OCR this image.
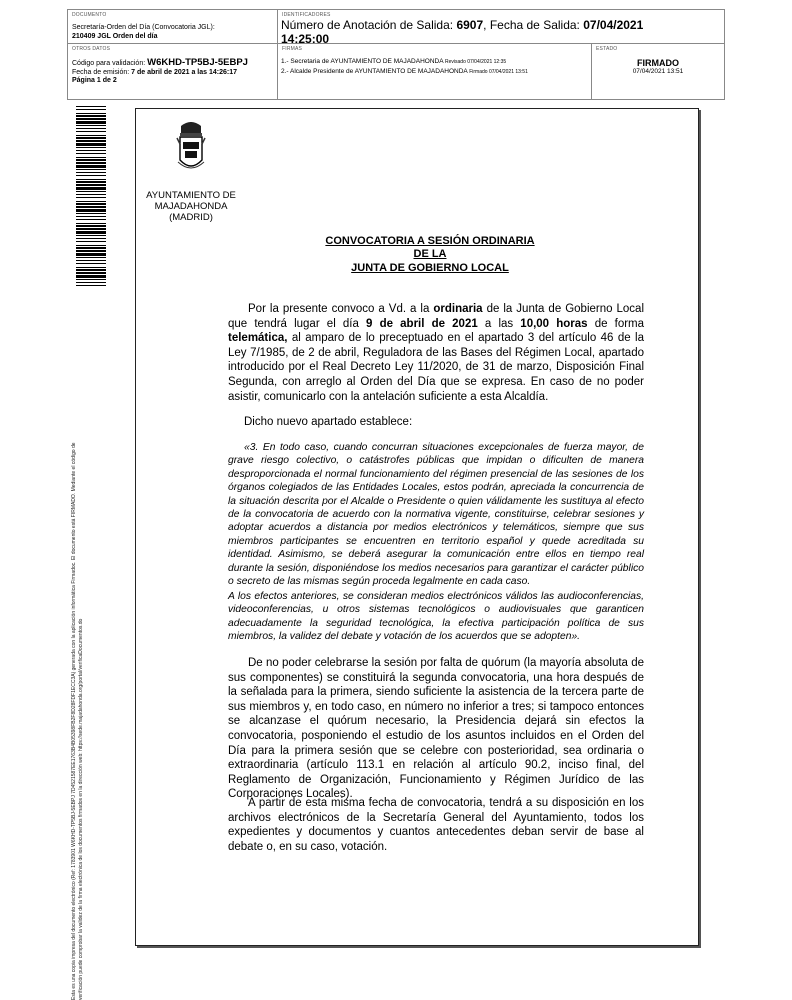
DOCUMENTO
Secretaría-Orden del Día (Convocatoria JGL):
210409 JGL Orden del día
IDENTIFICADORES
Número de Anotación de Salida: 6907, Fecha de Salida: 07/04/2021
14:25:00
OTROS DATOS
Código para validación: W6KHD-TP5BJ-5EBPJ
Fecha de emisión: 7 de abril de 2021 a las 14:26:17
Página 1 de 2
FIRMAS
1.- Secretaria de AYUNTAMIENTO DE MAJADAHONDA Revisado 07/04/2021 12:35
2.- Alcalde Presidente de AYUNTAMIENTO DE MAJADAHONDA Firmado 07/04/2021 13:51
ESTADO
FIRMADO
07/04/2021 13:51
Esta es una copia impresa del documento electrónico (Ref: 1783901 W6KHD-TP5BJ-5EBPJ 7D4521587EE1763B4B05398FB2F8D28FDF1ECC3A) generada con la aplicación informática Firmadoc. El documento está FIRMADO. Mediante el código de verificación puede comprobar la validez de la firma electrónica de los documentos firmados en la dirección web: https://sede.majadahonda.org/portal/verificaDocumentos.do
AYUNTAMIENTO DE
MAJADAHONDA
(MADRID)
CONVOCATORIA A SESIÓN ORDINARIA
DE LA
JUNTA DE GOBIERNO LOCAL
Por la presente convoco a Vd. a la ordinaria de la Junta de Gobierno Local que tendrá lugar el día 9 de abril de 2021 a las 10,00 horas de forma telemática, al amparo de lo preceptuado en el apartado 3 del artículo 46 de la Ley 7/1985, de 2 de abril, Reguladora de las Bases del Régimen Local, apartado introducido por el Real Decreto Ley 11/2020, de 31 de marzo, Disposición Final Segunda, con arreglo al Orden del Día que se expresa. En caso de no poder asistir, comunicarlo con la antelación suficiente a esta Alcaldía.
Dicho nuevo apartado establece:
«3. En todo caso, cuando concurran situaciones excepcionales de fuerza mayor, de grave riesgo colectivo, o catástrofes públicas que impidan o dificulten de manera desproporcionada el normal funcionamiento del régimen presencial de las sesiones de los órganos colegiados de las Entidades Locales, estos podrán, apreciada la concurrencia de la situación descrita por el Alcalde o Presidente o quien válidamente les sustituya al efecto de la convocatoria de acuerdo con la normativa vigente, constituirse, celebrar sesiones y adoptar acuerdos a distancia por medios electrónicos y telemáticos, siempre que sus miembros participantes se encuentren en territorio español y quede acreditada su identidad. Asimismo, se deberá asegurar la comunicación entre ellos en tiempo real durante la sesión, disponiéndose los medios necesarios para garantizar el carácter público o secreto de las mismas según proceda legalmente en cada caso.
A los efectos anteriores, se consideran medios electrónicos válidos las audioconferencias, videoconferencias, u otros sistemas tecnológicos o audiovisuales que garanticen adecuadamente la seguridad tecnológica, la efectiva participación política de sus miembros, la validez del debate y votación de los acuerdos que se adopten».
De no poder celebrarse la sesión por falta de quórum (la mayoría absoluta de sus componentes) se constituirá la segunda convocatoria, una hora después de la señalada para la primera, siendo suficiente la asistencia de la tercera parte de sus miembros y, en todo caso, en número no inferior a tres; si tampoco entonces se alcanzase el quórum necesario, la Presidencia dejará sin efectos la convocatoria, posponiendo el estudio de los asuntos incluidos en el Orden del Día para la primera sesión que se celebre con posterioridad, sea ordinaria o extraordinaria (artículo 113.1 en relación al artículo 90.2, inciso final, del Reglamento de Organización, Funcionamiento y Régimen Jurídico de las Corporaciones Locales).
A partir de esta misma fecha de convocatoria, tendrá a su disposición en los archivos electrónicos de la Secretaría General del Ayuntamiento, todos los expedientes y documentos y cuantos antecedentes deban servir de base al debate o, en su caso, votación.
